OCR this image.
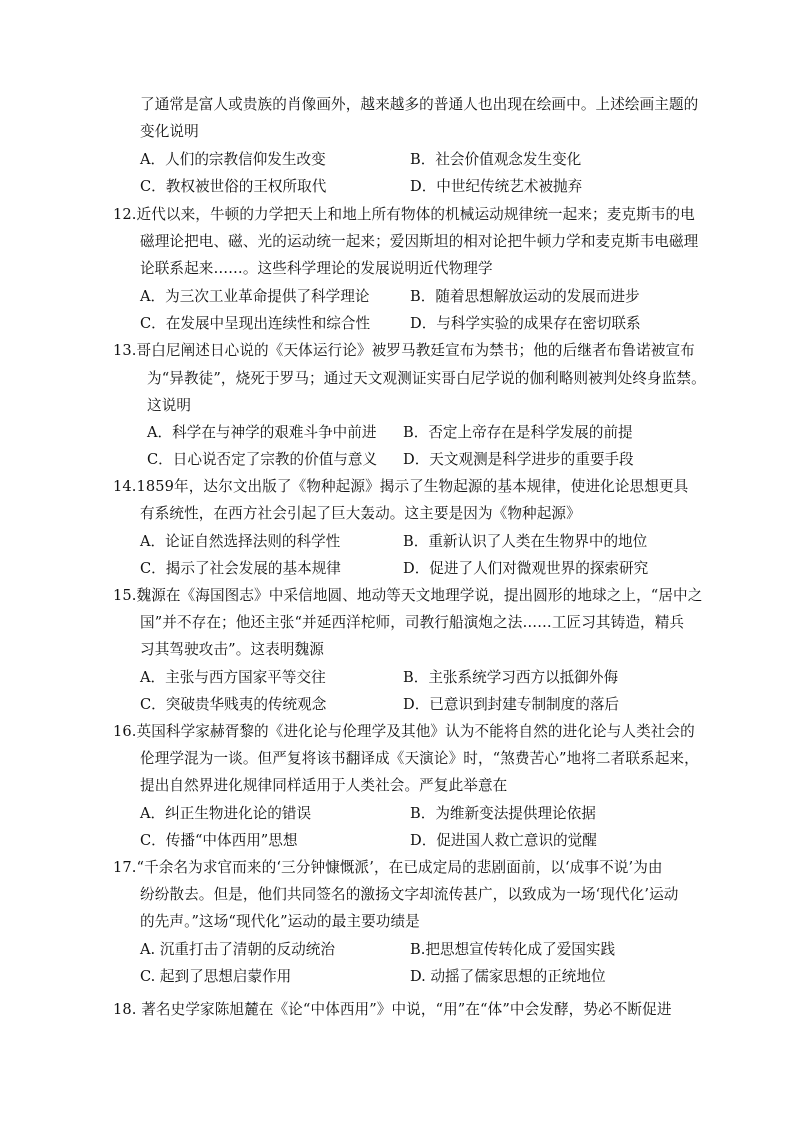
了通常是富人或贵族的肖像画外，越来越多的普通人也出现在绘画中。上述绘画主题的
变化说明
A．人们的宗教信仰发生改变	B．社会价值观念发生变化
C．教权被世俗的王权所取代	D．中世纪传统艺术被抛弃
12.近代以来，牛顿的力学把天上和地上所有物体的机械运动规律统一起来；麦克斯韦的电
磁理论把电、磁、光的运动统一起来；爱因斯坦的相对论把牛顿力学和麦克斯韦电磁理
论联系起来……。这些科学理论的发展说明近代物理学
A．为三次工业革命提供了科学理论	B．随着思想解放运动的发展而进步
C．在发展中呈现出连续性和综合性	D．与科学实验的成果存在密切联系
13.哥白尼阐述日心说的《天体运行论》被罗马教廷宣布为禁书；他的后继者布鲁诺被宣布
为“异教徒”，烧死于罗马；通过天文观测证实哥白尼学说的伽利略则被判处终身监禁。
这说明
A．科学在与神学的艰难斗争中前进 B．否定上帝存在是科学发展的前提
C．日心说否定了宗教的价值与意义 D．天文观测是科学进步的重要手段
14.1859年，达尔文出版了《物种起源》揭示了生物起源的基本规律，使进化论思想更具
有系统性，在西方社会引起了巨大轰动。这主要是因为《物种起源》
A．论证自然选择法则的科学性	B．重新认识了人类在生物界中的地位
C．揭示了社会发展的基本规律	D．促进了人们对微观世界的探索研究
15.魏源在《海国图志》中采信地圆、地动等天文地理学说，提出圆形的地球之上，“居中之
国”并不存在；他还主张“并延西洋柁师，司教行船演炮之法……工匠习其铸造，精兵
习其驾驶攻击”。这表明魏源
A．主张与西方国家平等交往	B．主张系统学习西方以抵御外侮
C．突破贵华贱夷的传统观念	D．已意识到封建专制制度的落后
16.英国科学家赫胥黎的《进化论与伦理学及其他》认为不能将自然的进化论与人类社会的
伦理学混为一谈。但严复将该书翻译成《天演论》时，“煞费苦心”地将二者联系起来，
提出自然界进化规律同样适用于人类社会。严复此举意在
A．纠正生物进化论的错误	B．为维新变法提供理论依据
C．传播“中体西用”思想	D．促进国人救亡意识的觉醒
17.“千余名为求官而来的‘三分钟慷慨派’，在已成定局的悲剧面前，以‘成事不说’为由
纷纷散去。但是，他们共同签名的激扬文字却流传甚广，以致成为一场‘现代化’运动
的先声。”这场“现代化”运动的最主要功绩是
A. 沉重打击了清朝的反动统治	B.把思想宣传转化成了爱国实践
C. 起到了思想启蒙作用	D. 动摇了儒家思想的正统地位
18. 著名史学家陈旭麓在《论“中体西用”》中说，“用”在“体”中会发酵，势必不断促进
